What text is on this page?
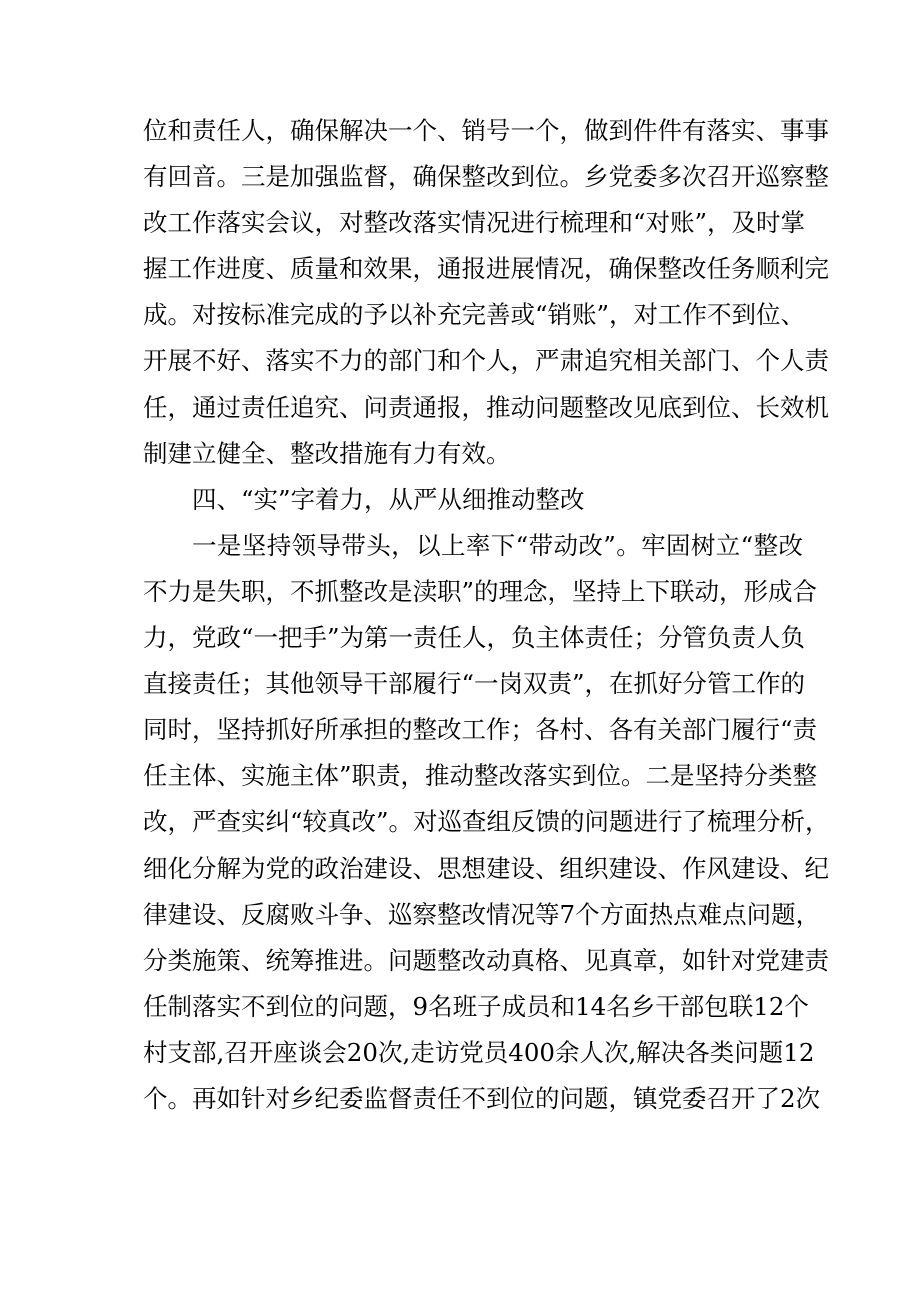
位和责任人，确保解决一个、销号一个，做到件件有落实、事事
有回音。三是加强监督，确保整改到位。乡党委多次召开巡察整
改工作落实会议，对整改落实情况进行梳理和“对账”，及时掌
握工作进度、质量和效果，通报进展情况，确保整改任务顺利完
成。对按标准完成的予以补充完善或“销账”，对工作不到位、
开展不好、落实不力的部门和个人，严肃追究相关部门、个人责
任，通过责任追究、问责通报，推动问题整改见底到位、长效机
制建立健全、整改措施有力有效。
四、“实”字着力，从严从细推动整改
一是坚持领导带头，以上率下“带动改”。牢固树立“整改
不力是失职，不抓整改是渎职”的理念，坚持上下联动，形成合
力，党政“一把手”为第一责任人，负主体责任；分管负责人负
直接责任；其他领导干部履行“一岗双责”，在抓好分管工作的
同时，坚持抓好所承担的整改工作；各村、各有关部门履行“责
任主体、实施主体”职责，推动整改落实到位。二是坚持分类整
改，严查实纠“较真改”。对巡查组反馈的问题进行了梳理分析，
细化分解为党的政治建设、思想建设、组织建设、作风建设、纪
律建设、反腐败斗争、巡察整改情况等7个方面热点难点问题，
分类施策、统筹推进。问题整改动真格、见真章，如针对党建责
任制落实不到位的问题，9名班子成员和14名乡干部包联12个
村支部,召开座谈会20次,走访党员400余人次,解决各类问题12
个。再如针对乡纪委监督责任不到位的问题，镇党委召开了2次
